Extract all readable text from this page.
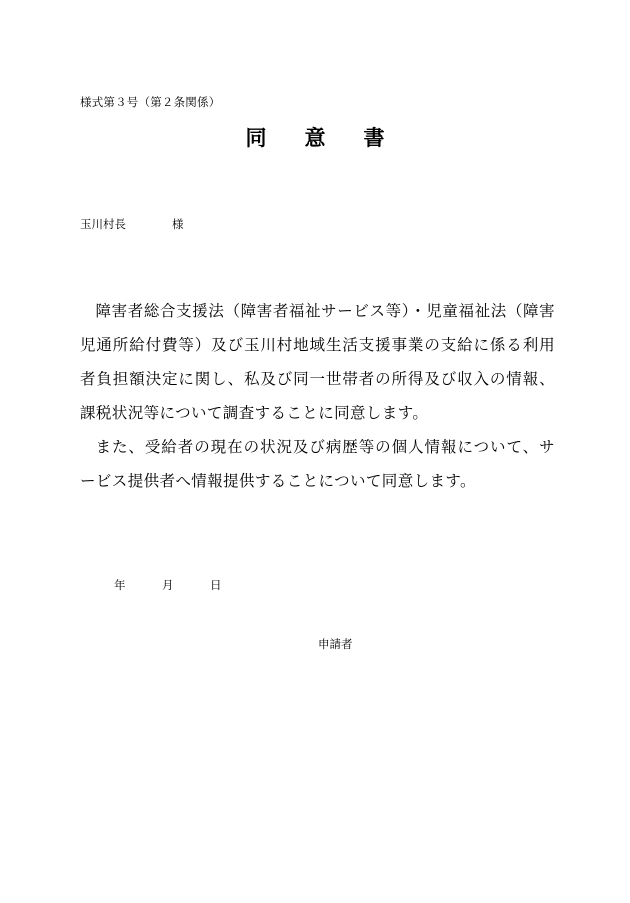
様式第３号（第２条関係）
同 意 書
玉川村長	様

障害者総合支援法（障害者福祉サービス等）・児童福祉法（障害児通所給付費等）及び玉川村地域生活支援事業の支給に係る利用者負担額決定に関し、私及び同一世帯者の所得及び収入の情報、課税状況等について調査することに同意します。

また、受給者の現在の状況及び病歴等の個人情報について、サービス提供者へ情報提供することについて同意します。

年	月	日
申請者
